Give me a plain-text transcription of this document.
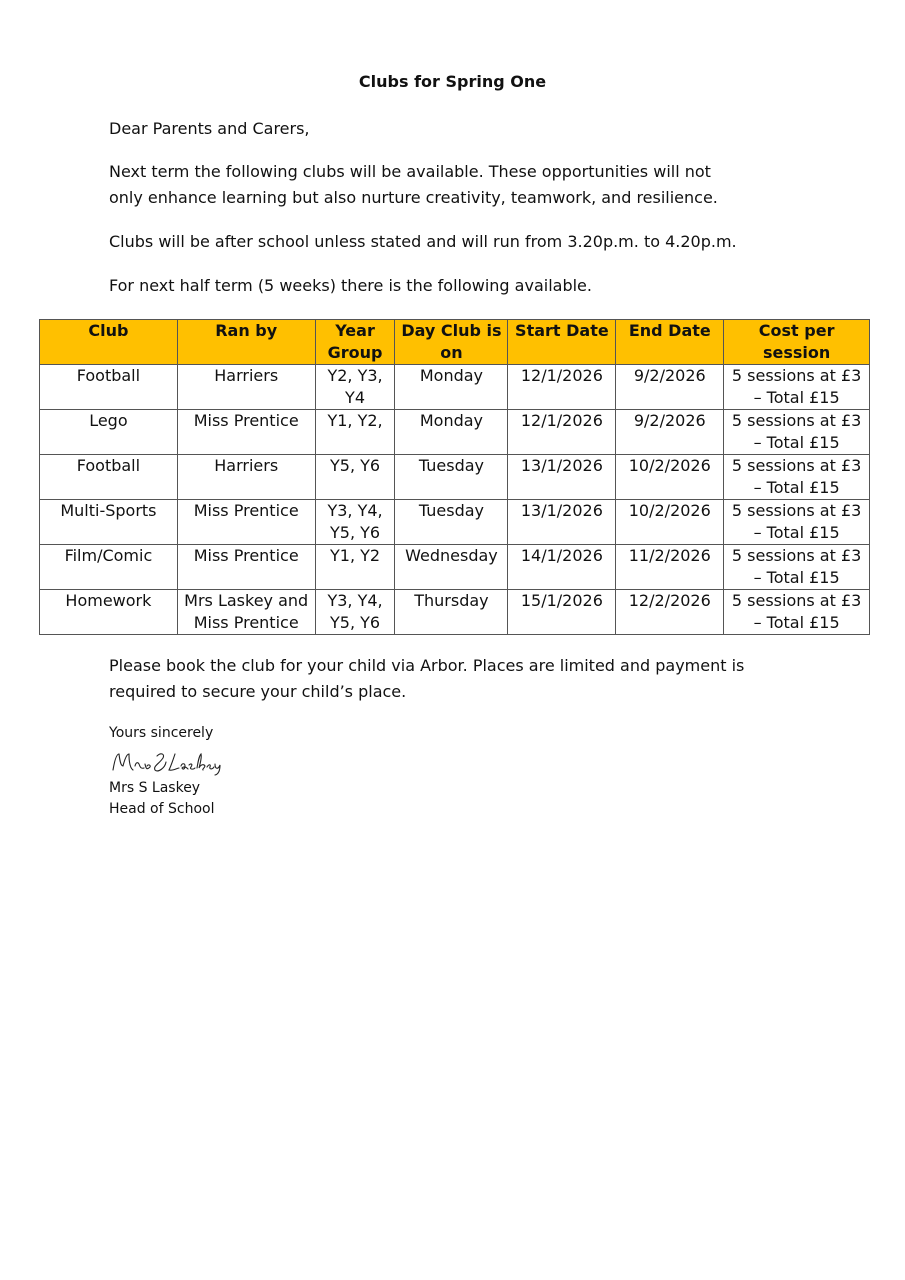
Clubs for Spring One

Dear Parents and Carers,

Next term the following clubs will be available. These opportunities will not only enhance learning but also nurture creativity, teamwork, and resilience.

Clubs will be after school unless stated and will run from 3.20p.m. to 4.20p.m.

For next half term (5 weeks) there is the following available.

Club	Ran by	Year Group	Day Club is on	Start Date	End Date	Cost per session
Football	Harriers	Y2, Y3, Y4	Monday	12/1/2026	9/2/2026	5 sessions at £3 – Total £15
Lego	Miss Prentice	Y1, Y2,	Monday	12/1/2026	9/2/2026	5 sessions at £3 – Total £15
Football	Harriers	Y5, Y6	Tuesday	13/1/2026	10/2/2026	5 sessions at £3 – Total £15
Multi-Sports	Miss Prentice	Y3, Y4, Y5, Y6	Tuesday	13/1/2026	10/2/2026	5 sessions at £3 – Total £15
Film/Comic	Miss Prentice	Y1, Y2	Wednesday	14/1/2026	11/2/2026	5 sessions at £3 – Total £15
Homework	Mrs Laskey and Miss Prentice	Y3, Y4, Y5, Y6	Thursday	15/1/2026	12/2/2026	5 sessions at £3 – Total £15

Please book the club for your child via Arbor. Places are limited and payment is required to secure your child’s place.

Yours sincerely

Mrs S Laskey

Head of School
